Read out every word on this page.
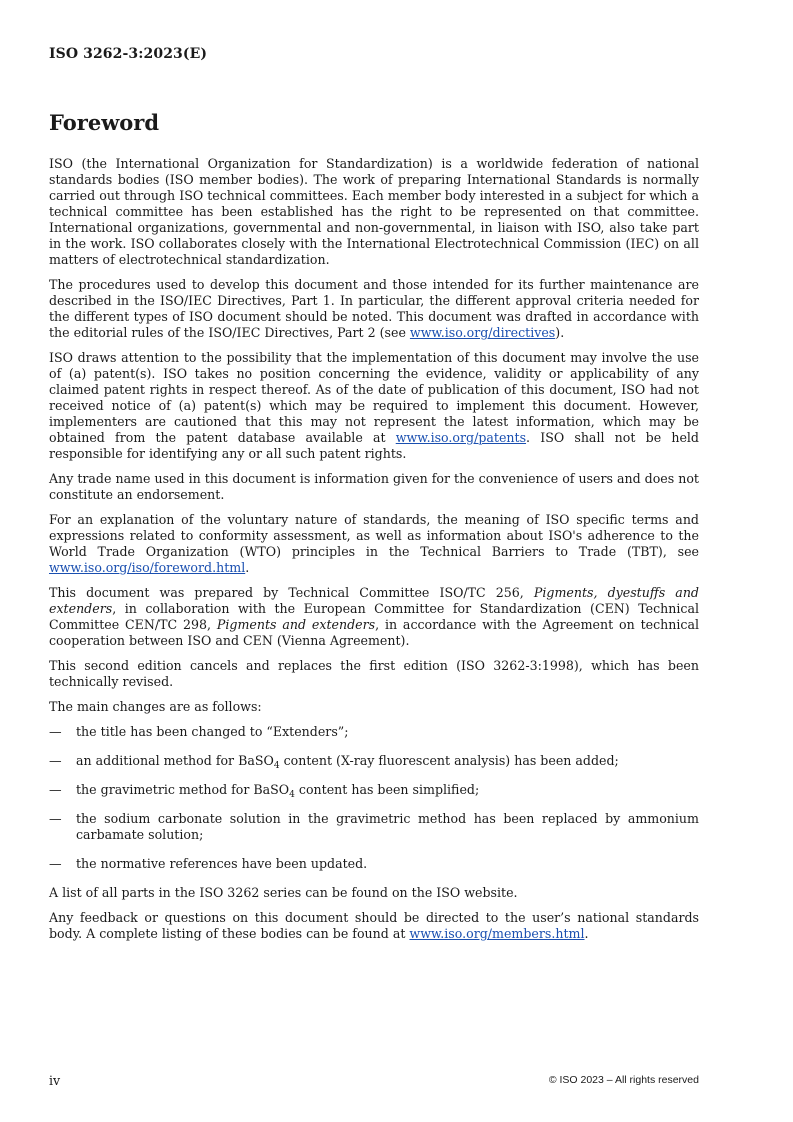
ISO 3262-3:2023(E)
Foreword

ISO (the International Organization for Standardization) is a worldwide federation of national standards bodies (ISO member bodies). The work of preparing International Standards is normally carried out through ISO technical committees. Each member body interested in a subject for which a technical committee has been established has the right to be represented on that committee. International organizations, governmental and non-governmental, in liaison with ISO, also take part in the work. ISO collaborates closely with the International Electrotechnical Commission (IEC) on all matters of electrotechnical standardization.

The procedures used to develop this document and those intended for its further maintenance are described in the ISO/IEC Directives, Part 1. In particular, the different approval criteria needed for the different types of ISO document should be noted. This document was drafted in accordance with the editorial rules of the ISO/IEC Directives, Part 2 (see www.iso.org/directives).

ISO draws attention to the possibility that the implementation of this document may involve the use of (a) patent(s). ISO takes no position concerning the evidence, validity or applicability of any claimed patent rights in respect thereof. As of the date of publication of this document, ISO had not received notice of (a) patent(s) which may be required to implement this document. However, implementers are cautioned that this may not represent the latest information, which may be obtained from the patent database available at www.iso.org/patents. ISO shall not be held responsible for identifying any or all such patent rights.

Any trade name used in this document is information given for the convenience of users and does not constitute an endorsement.

For an explanation of the voluntary nature of standards, the meaning of ISO specific terms and expressions related to conformity assessment, as well as information about ISO's adherence to the World Trade Organization (WTO) principles in the Technical Barriers to Trade (TBT), see www.iso.org/iso/foreword.html.

This document was prepared by Technical Committee ISO/TC 256, Pigments, dyestuffs and extenders, in collaboration with the European Committee for Standardization (CEN) Technical Committee CEN/TC 298, Pigments and extenders, in accordance with the Agreement on technical cooperation between ISO and CEN (Vienna Agreement).

This second edition cancels and replaces the first edition (ISO 3262-3:1998), which has been technically revised.

The main changes are as follows:

— the title has been changed to “Extenders”;
— an additional method for BaSO$_4$ content (X-ray fluorescent analysis) has been added;
— the gravimetric method for BaSO$_4$ content has been simplified;
— the sodium carbonate solution in the gravimetric method has been replaced by ammonium carbamate solution;
— the normative references have been updated.

A list of all parts in the ISO 3262 series can be found on the ISO website.

Any feedback or questions on this document should be directed to the user’s national standards body. A complete listing of these bodies can be found at www.iso.org/members.html.

iv	© ISO 2023 – All rights reserved
